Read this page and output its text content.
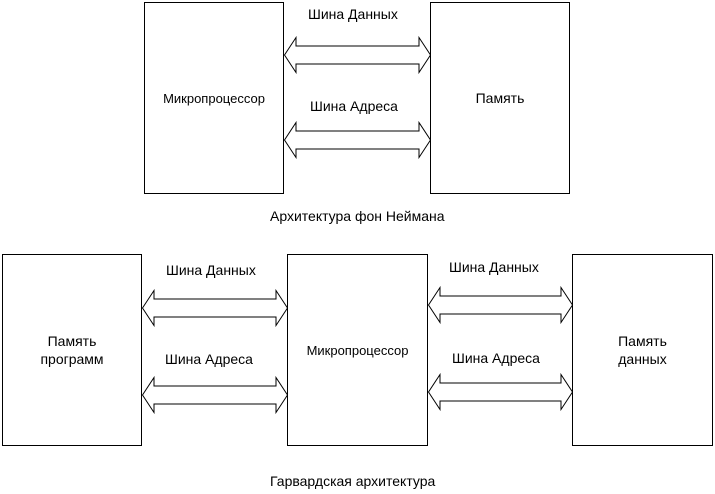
Микропроцессор	Память
Память
программ
Микропроцессор
Память
данных
Шина Данных
Шина Адреса
Шина Данных
Шина Адреса
Шина Данных
Шина Адреса
Архитектура фон Неймана
Гарвардская архитектура
